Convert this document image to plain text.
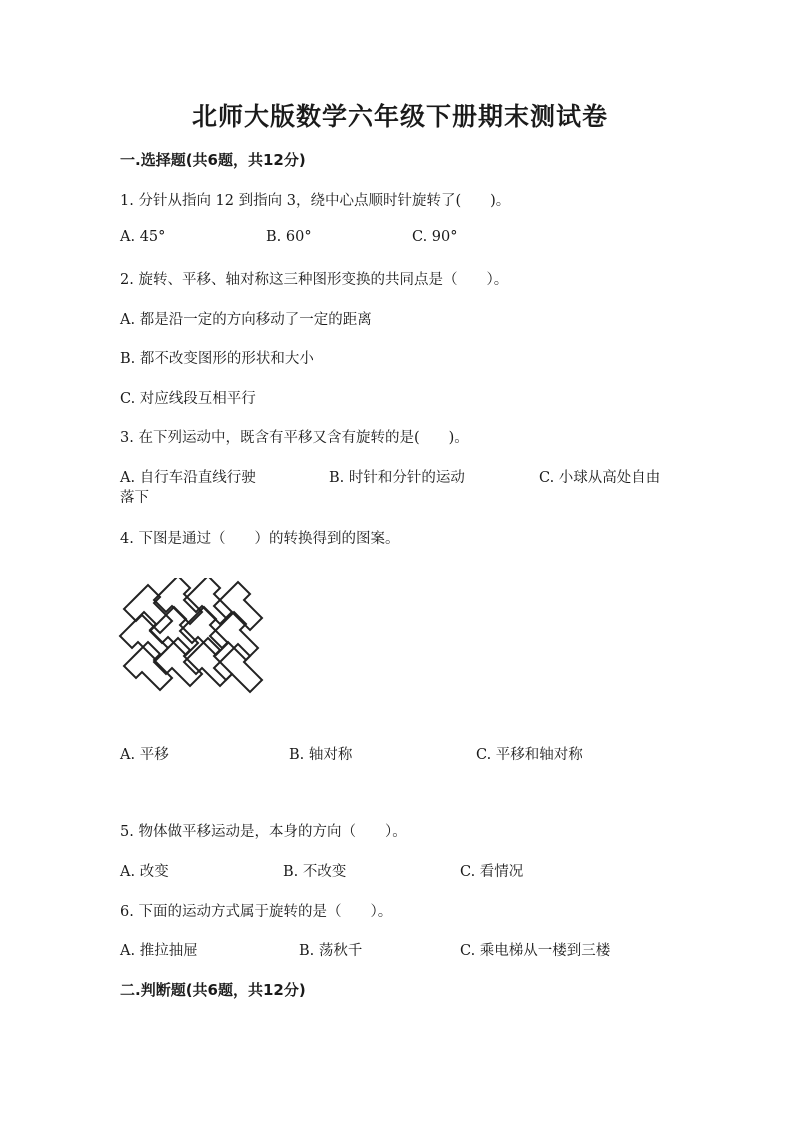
北师大版数学六年级下册期末测试卷
一.选择题(共6题，共12分)
1. 分针从指向 12 到指向 3，绕中心点顺时针旋转了(　　)。
A. 45°	B. 60°	C. 90°
2. 旋转、平移、轴对称这三种图形变换的共同点是（　　）。
A. 都是沿一定的方向移动了一定的距离
B. 都不改变图形的形状和大小
C. 对应线段互相平行
3. 在下列运动中，既含有平移又含有旋转的是(　　)。
A. 自行车沿直线行驶	B. 时针和分针的运动	C. 小球从高处自由
落下
4. 下图是通过（　　）的转换得到的图案。
A. 平移	B. 轴对称	C. 平移和轴对称
5. 物体做平移运动是，本身的方向（　　）。
A. 改变	B. 不改变	C. 看情况
6. 下面的运动方式属于旋转的是（　　）。
A. 推拉抽屉	B. 荡秋千	C. 乘电梯从一楼到三楼
二.判断题(共6题，共12分)
